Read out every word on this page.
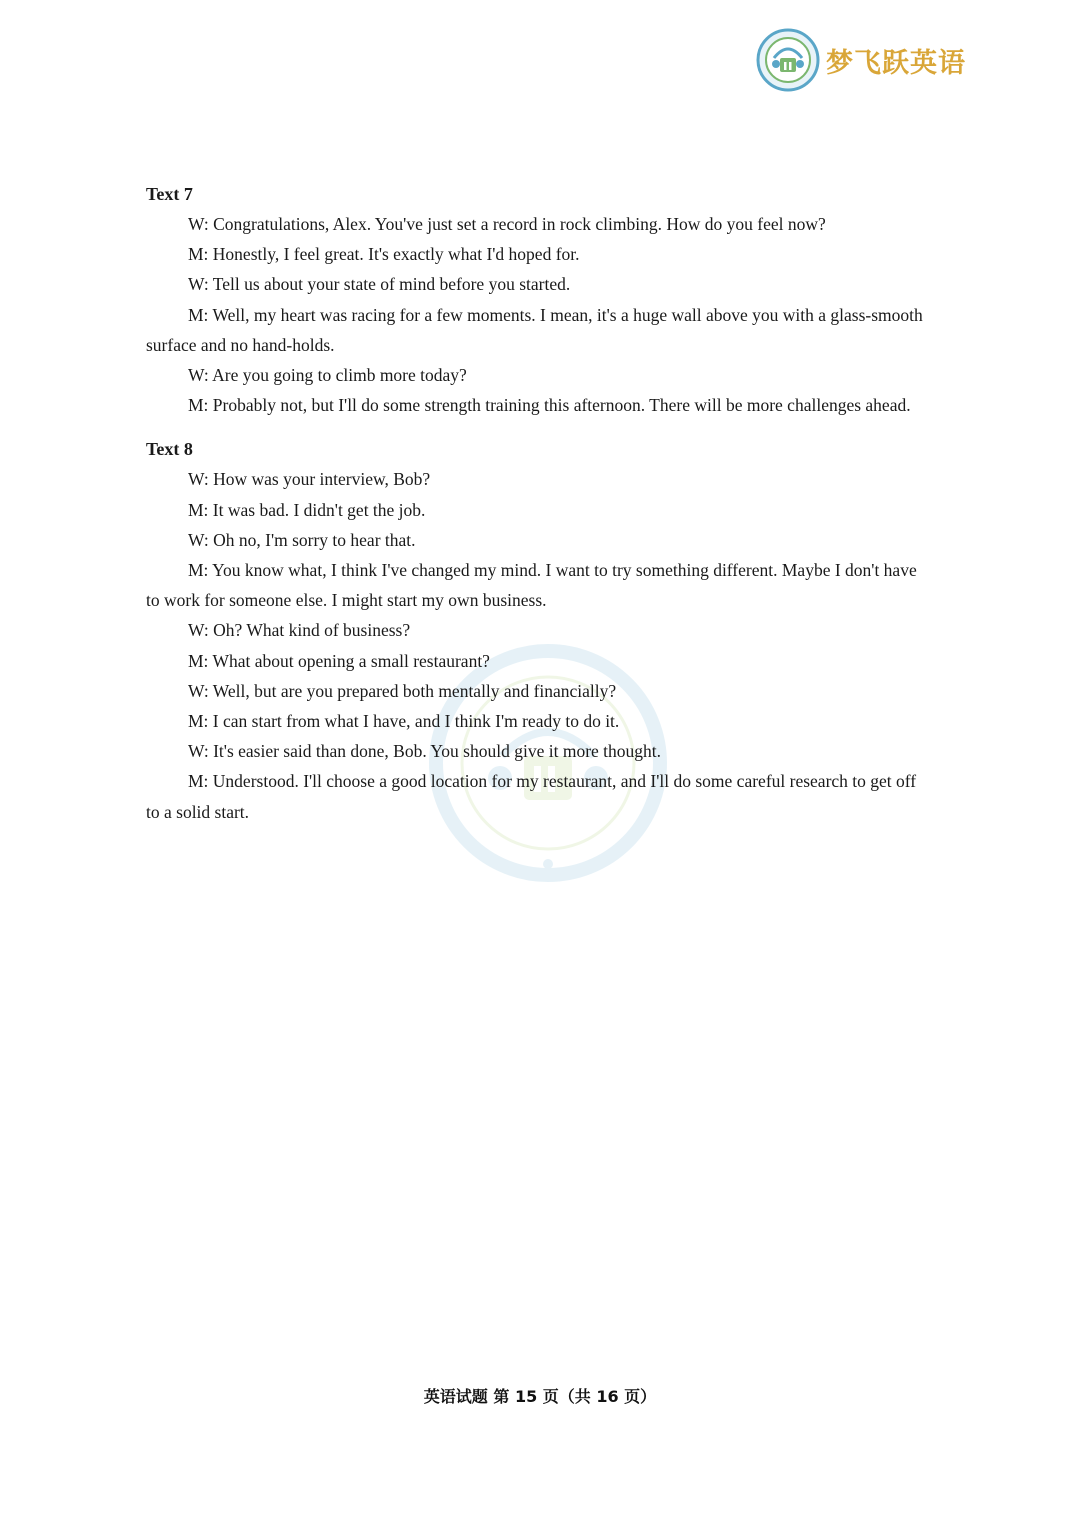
梦飞跃英语

Text 7

W: Congratulations, Alex. You've just set a record in rock climbing. How do you feel now?

M: Honestly, I feel great. It's exactly what I'd hoped for.

W: Tell us about your state of mind before you started.

M: Well, my heart was racing for a few moments. I mean, it's a huge wall above you with a glass-smooth surface and no hand-holds.

W: Are you going to climb more today?

M: Probably not, but I'll do some strength training this afternoon. There will be more challenges ahead.

Text 8

W: How was your interview, Bob?

M: It was bad. I didn't get the job.

W: Oh no, I'm sorry to hear that.

M: You know what, I think I've changed my mind. I want to try something different. Maybe I don't have to work for someone else. I might start my own business.

W: Oh? What kind of business?

M: What about opening a small restaurant?

W: Well, but are you prepared both mentally and financially?

M: I can start from what I have, and I think I'm ready to do it.

W: It's easier said than done, Bob. You should give it more thought.

M: Understood. I'll choose a good location for my restaurant, and I'll do some careful research to get off to a solid start.

英语试题 第 15 页（共 16 页）
